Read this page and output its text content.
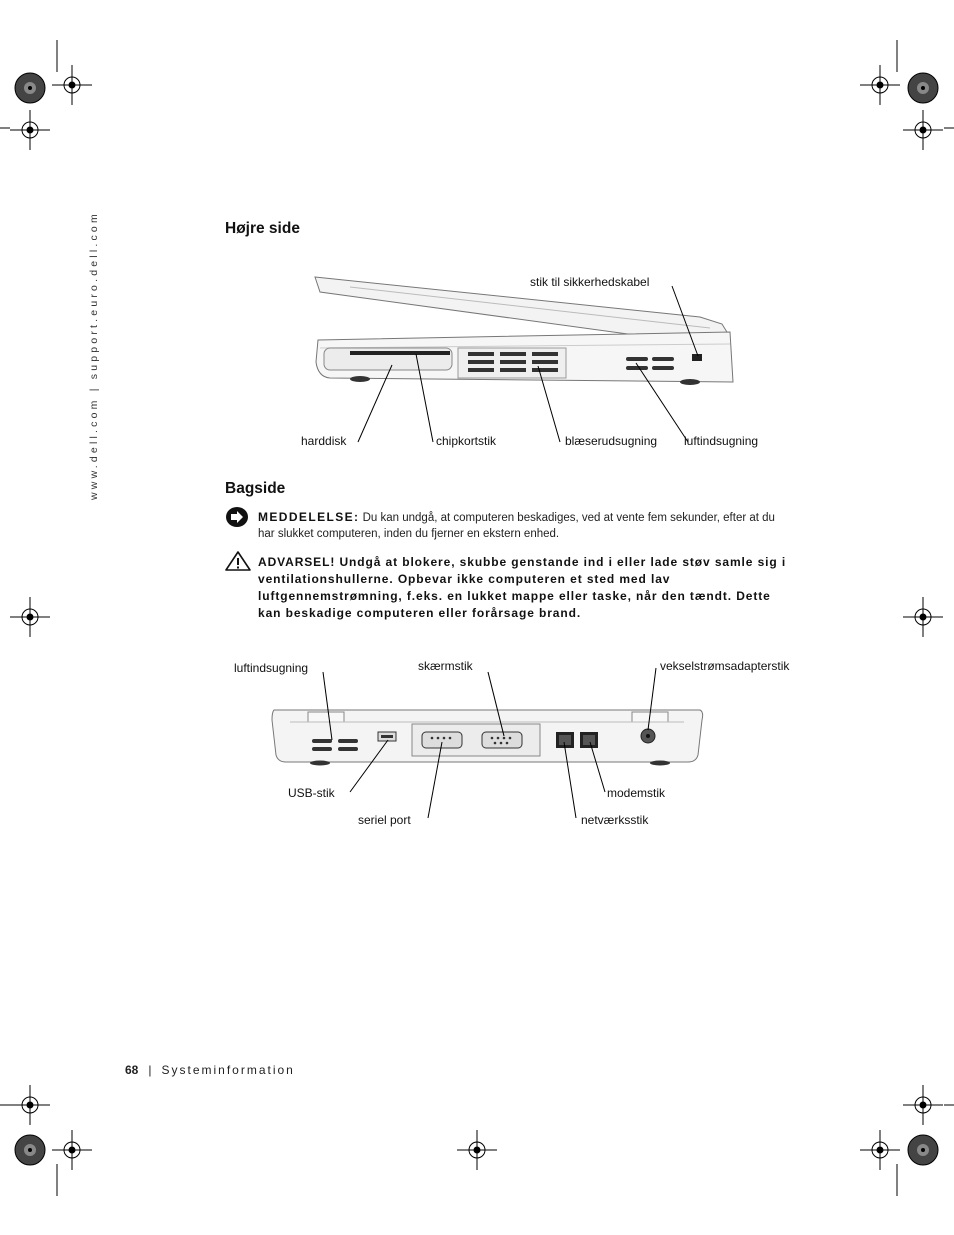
www.dell.com | support.euro.dell.com	Højre side
stik til sikkerhedskabel
harddisk	chipkortstik	blæserudsugning luftindsugning
Bagside
MEDDELELSE: Du kan undgå, at computeren beskadiges, ved at vente fem sekunder, efter at du har slukket computeren, inden du fjerner en ekstern enhed.
ADVARSEL! Undgå at blokere, skubbe genstande ind i eller lade støv samle sig i ventilationshullerne. Opbevar ikke computeren et sted med lav luftgennemstrømning, f.eks. en lukket mappe eller taske, når den tændt. Dette kan beskadige computeren eller forårsage brand.
luftindsugning	skærmstik	vekselstrømsadapterstik
USB-stik	modemstik
seriel port	netværksstik
68 | Systeminformation
